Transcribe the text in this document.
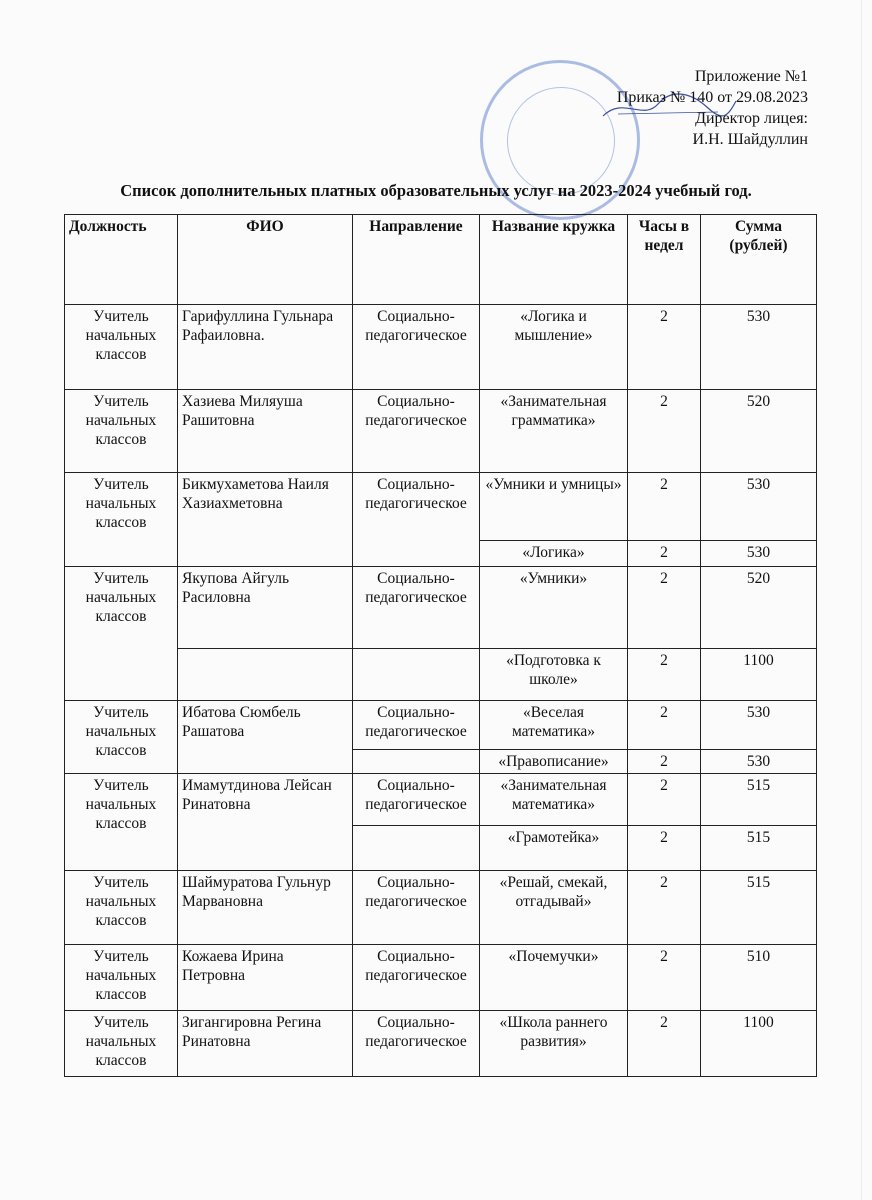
Приложение №1
Приказ № 140 от 29.08.2023
Директор лицея:
И.Н. Шайдуллин
Список дополнительных платных образовательных услуг на 2023-2024 учебный год.
Должность	ФИО	Направление	Название кружка	Часы в недел	Сумма (рублей)
Учитель начальных классов	Гарифуллина Гульнара Рафаиловна.	Социально-педагогическое	«Логика и мышление»	2	530
Учитель начальных классов	Хазиева Миляуша Рашитовна	Социально-педагогическое	«Занимательная грамматика»	2	520
Учитель начальных классов	Бикмухаметова Наиля Хазиахметовна	Социально-педагогическое	«Умники и умницы»	2	530
			«Логика»	2	530
Учитель начальных классов	Якупова Айгуль Расиловна	Социально-педагогическое	«Умники»	2	520
			«Подготовка к школе»	2	1100
Учитель начальных классов	Ибатова Сюмбель Рашатова	Социально-педагогическое	«Веселая математика»	2	530
			«Правописание»	2	530
Учитель начальных классов	Имамутдинова Лейсан Ринатовна	Социально-педагогическое	«Занимательная математика»	2	515
			«Грамотейка»	2	515
Учитель начальных классов	Шаймуратова Гульнур Марвановна	Социально-педагогическое	«Решай, смекай, отгадывай»	2	515
Учитель начальных классов	Кожаева Ирина Петровна	Социально-педагогическое	«Почемучки»	2	510
Учитель начальных классов	Зигангировна Регина Ринатовна	Социально-педагогическое	«Школа раннего развития»	2	1100
